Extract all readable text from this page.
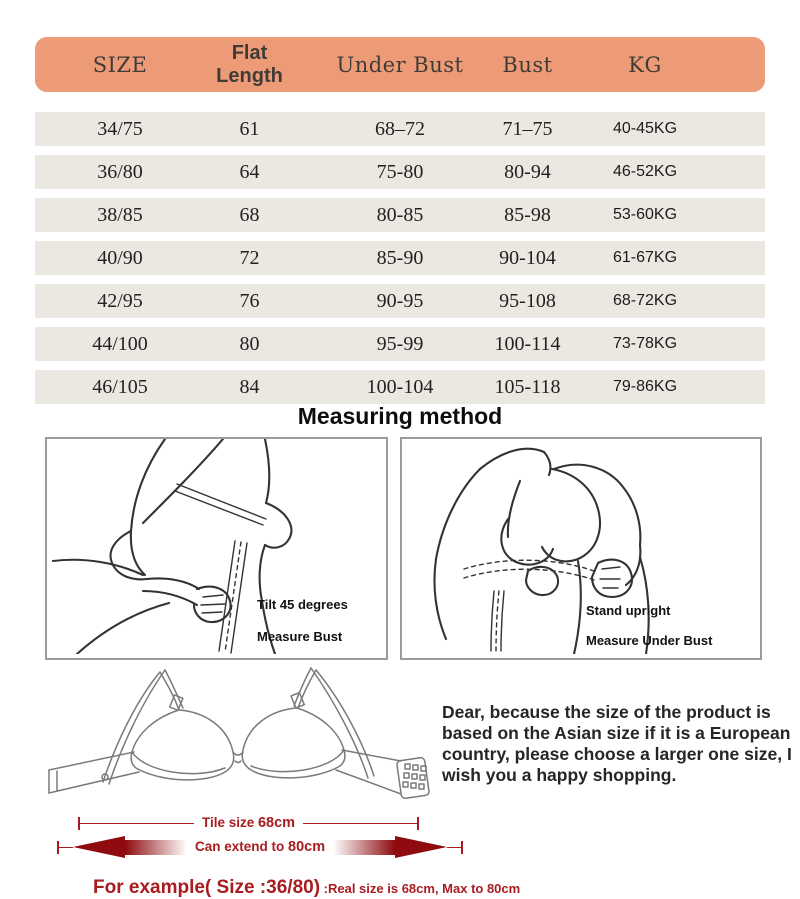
SIZE	Flat Length	Under Bust	Bust	KG
34/75	61	68–72	71–75	40-45KG
36/80	64	75-80	80-94	46-52KG
38/85	68	80-85	85-98	53-60KG
40/90	72	85-90	90-104	61-67KG
42/95	76	90-95	95-108	68-72KG
44/100	80	95-99	100-114	73-78KG
46/105	84	100-104	105-118	79-86KG
Measuring method
Tilt 45 degrees
Measure Bust
Stand upright
Measure Under Bust
Tile size 68cm
Can extend to 80cm
For example( Size :36/80) :Real size is 68cm, Max to 80cm
Dear, because the size of the product is based on the Asian size if it is a European country, please choose a larger one size, I wish you a happy shopping.
